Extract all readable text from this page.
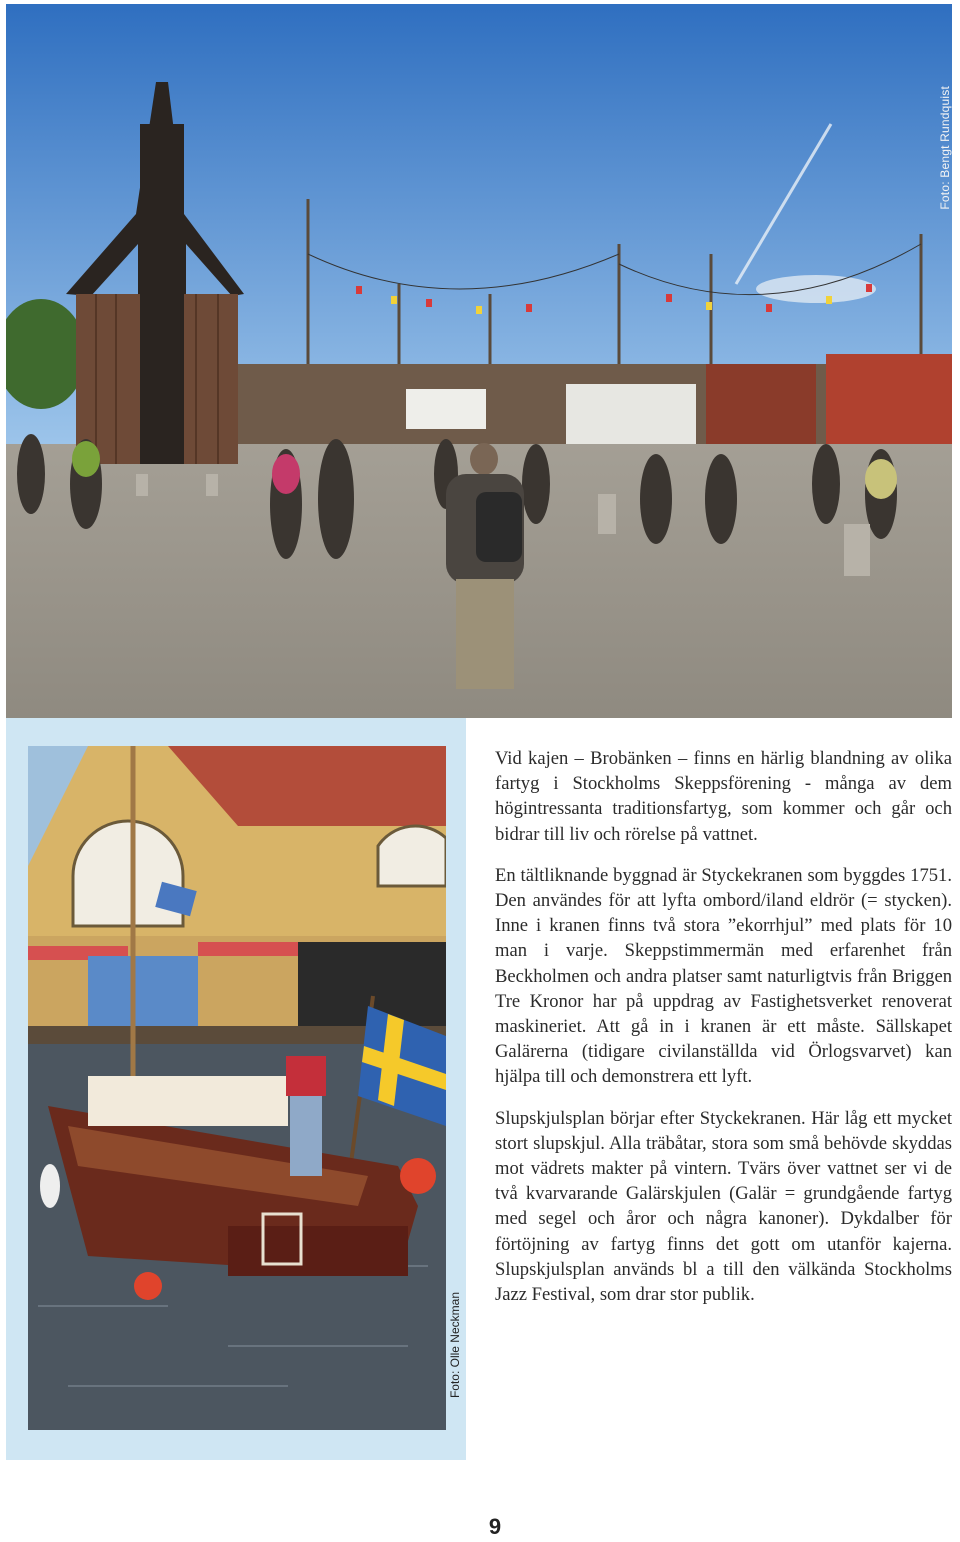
Foto: Bengt Rundquist
Foto: Olle Neckman

Vid kajen – Brobänken – finns en härlig blandning av olika fartyg i Stockholms Skeppsförening - många av dem högintressanta traditionsfartyg, som kommer och går och bidrar till liv och rörelse på vattnet.

En tältliknande byggnad är Styckekranen som byggdes 1751. Den användes för att lyfta ombord/iland eldrör (= stycken). Inne i kranen finns två stora ”ekorrhjul” med plats för 10 man i varje. Skeppstimmermän med erfarenhet från Beckholmen och andra platser samt naturligtvis från Briggen Tre Kronor har på uppdrag av Fastighetsverket renoverat maskineriet. Att gå in i kranen är ett måste. Sällskapet Galärerna (tidigare civilanställda vid Örlogsvarvet) kan hjälpa till och demonstrera ett lyft.

Slupskjulsplan börjar efter Styckekranen. Här låg ett mycket stort slupskjul. Alla träbåtar, stora som små behövde skyddas mot vädrets makter på vintern. Tvärs över vattnet ser vi de två kvarvarande Galärskjulen (Galär = grundgående fartyg med segel och åror och några kanoner). Dykdalber för förtöjning av fartyg finns det gott om utanför kajerna. Slupskjulsplan används bl a till den välkända Stockholms Jazz Festival, som drar stor publik.

9
